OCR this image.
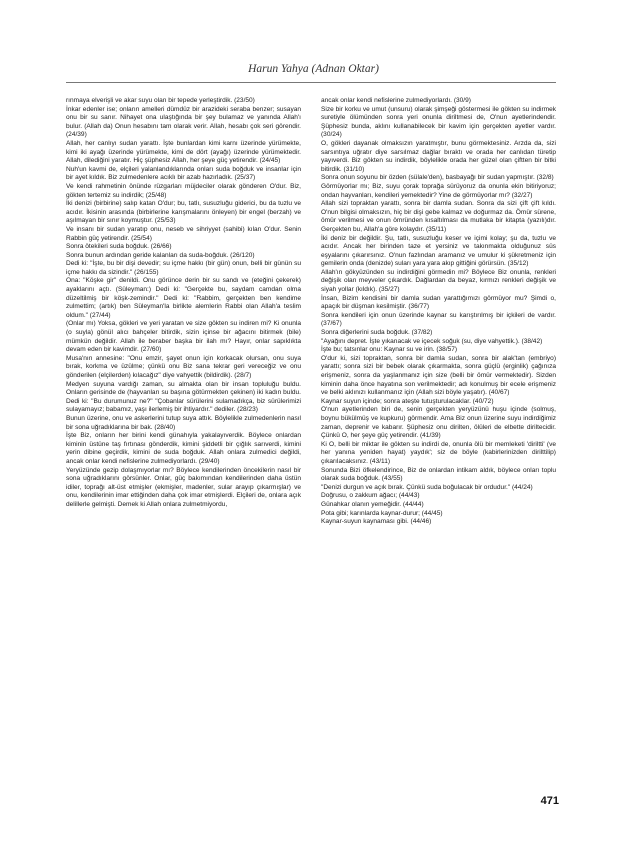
Harun Yahya (Adnan Oktar)

rınmaya elverişli ve akar suyu olan bir tepede yerleştirdik. (23/50)

İnkar edenler ise; onların amelleri dümdüz bir arazideki seraba benzer; susayan onu bir su sanır. Nihayet ona ulaştığında bir şey bulamaz ve yanında Allah'ı bulur. (Allah da) Onun hesabını tam olarak verir. Allah, hesabı çok seri görendir. (24/39)

Allah, her canlıyı sudan yarattı. İşte bunlardan kimi karnı üzerinde yürümekte, kimi iki ayağı üzerinde yürümekte, kimi de dört (ayağı) üzerinde yürümektedir. Allah, dilediğini yaratır. Hiç şüphesiz Allah, her şeye güç yetirendir. (24/45)

Nuh'un kavmi de, elçileri yalanlandıklarında onları suda boğduk ve insanlar için bir ayet kıldık. Biz zulmedenlere acıklı bir azab hazırladık. (25/37)

Ve kendi rahmetinin önünde rüzgarları müjdeciler olarak gönderen O'dur. Biz, gökten tertemiz su indirdik; (25/48)

İki denizi (birbirine) salıp katan O'dur; bu, tatlı, susuzluğu giderici, bu da tuzlu ve acıdır. İkisinin arasında (birbirlerine karışmalarını önleyen) bir engel (berzah) ve aşılmayan bir sınır koymuştur. (25/53)

Ve insanı bir sudan yaratıp onu, neseb ve sihriyyet (sahibi) kılan O'dur. Senin Rabbin güç yetirendir. (25/54)

Sonra ötekileri suda boğduk. (26/66)

Sonra bunun ardından geride kalanları da suda-boğduk. (26/120)

Dedi ki: "İşte, bu bir dişi devedir; su içme hakkı (bir gün) onun, belli bir günün su içme hakkı da sizindir." (26/155)

Ona: "Köşke gir" denildi. Onu görünce derin bir su sandı ve (eteğini çekerek) ayaklarını açtı. (Süleyman:) Dedi ki: "Gerçekte bu, saydam camdan olma düzeltilmiş bir köşk-zemindir." Dedi ki: "Rabbim, gerçekten ben kendime zulmettim; (artık) ben Süleyman'la birlikte alemlerin Rabbi olan Allah'a teslim oldum." (27/44)

(Onlar mı) Yoksa, gökleri ve yeri yaratan ve size gökten su indiren mi? Ki onunla (o suyla) gönül alıcı bahçeler bitirdik, sizin içinse bir ağacını bitirmek (bile) mümkün değildir. Allah ile beraber başka bir ilah mı? Hayır, onlar sapıklıkta devam eden bir kavimdir. (27/60)

Musa'nın annesine: "Onu emzir, şayet onun için korkacak olursan, onu suya bırak, korkma ve üzülme; çünkü onu Biz sana tekrar geri vereceğiz ve onu gönderilen (elçilerden) kılacağız" diye vahyettik (bildirdik). (28/7)

Medyen suyuna vardığı zaman, su almakta olan bir insan topluluğu buldu. Onların gerisinde de (hayvanları su başına götürmekten çekinen) iki kadın buldu. Dedi ki: "Bu durumunuz ne?" "Çobanlar sürülerini sulamadıkça, biz sürülerimizi sulayamayız; babamız, yaşı ilerlemiş bir ihtiyardır." dediler. (28/23)

Bunun üzerine, onu ve askerlerini tutup suya attık. Böylelikle zulmedenlerin nasıl bir sona uğradıklarına bir bak. (28/40)

İşte Biz, onların her birini kendi günahıyla yakalayıverdik. Böylece onlardan kiminin üstüne taş fırtınası gönderdik, kimini şiddetli bir çığlık sarıverdi, kimini yerin dibine geçirdik, kimini de suda boğduk. Allah onlara zulmedici değildi, ancak onlar kendi nefislerine zulmediyorlardı. (29/40)

Yeryüzünde gezip dolaşmıyorlar mı? Böylece kendilerinden öncekilerin nasıl bir sona uğradıklarını görsünler. Onlar, güç bakımından kendilerinden daha üstün idiler, toprağı alt-üst etmişler (ekmişler, madenler, sular arayıp çıkarmışlar) ve onu, kendilerinin imar ettiğinden daha çok imar etmişlerdi. Elçileri de, onlara açık delillerle gelmişti. Demek ki Allah onlara zulmetmiyordu,

ancak onlar kendi nefislerine zulmediyorlardı. (30/9)

Size bir korku ve umut (unsuru) olarak şimşeği göstermesi ile gökten su indirmek suretiyle ölümünden sonra yeri onunla diriltmesi de, O'nun ayetlerindendir. Şüphesiz bunda, aklını kullanabilecek bir kavim için gerçekten ayetler vardır. (30/24)

O, gökleri dayanak olmaksızın yaratmıştır, bunu görmektesiniz. Arzda da, sizi sarsıntıya uğratır diye sarsılmaz dağlar bıraktı ve orada her canlıdan türetip yayıverdi. Biz gökten su indirdik, böylelikle orada her güzel olan çiftten bir bitki bitirdik. (31/10)

Sonra onun soyunu bir özden (sülale'den), basbayağı bir sudan yapmıştır. (32/8)

Görmüyorlar mı; Biz, suyu çorak toprağa sürüyoruz da onunla ekin bitiriyoruz; ondan hayvanları, kendileri yemektedir? Yine de görmüyorlar mı? (32/27)

Allah sizi topraktan yarattı, sonra bir damla sudan. Sonra da sizi çift çift kıldı. O'nun bilgisi olmaksızın, hiç bir dişi gebe kalmaz ve doğurmaz da. Ömür sürene, ömür verilmesi ve onun ömründen kısaltılması da mutlaka bir kitapta (yazılı)dır. Gerçekten bu, Allah'a göre kolaydır. (35/11)

İki deniz bir değildir. Şu, tatlı, susuzluğu keser ve içimi kolay; şu da, tuzlu ve acıdır. Ancak her birinden taze et yersiniz ve takınmakta olduğunuz süs eşyalarını çıkarırsınız. O'nun fazlından aramanız ve umulur ki şükretmeniz için gemilerin onda (denizde) suları yara yara akıp gittiğini görürsün. (35/12)

Allah'ın gökyüzünden su indirdiğini görmedin mi? Böylece Biz onunla, renkleri değişik olan meyveler çıkardık. Dağlardan da beyaz, kırmızı renkleri değişik ve siyah yollar (kıldık). (35/27)

İnsan, Bizim kendisini bir damla sudan yarattığımızı görmüyor mu? Şimdi o, apaçık bir düşman kesilmiştir. (36/77)

Sonra kendileri için onun üzerinde kaynar su karıştırılmış bir içkileri de vardır. (37/67)

Sonra diğerlerini suda boğduk. (37/82)

"Ayağını depret. İşte yıkanacak ve içecek soğuk (su, diye vahyettik.). (38/42)

İşte bu; tatsınlar onu: Kaynar su ve irin. (38/57)

O'dur ki, sizi topraktan, sonra bir damla sudan, sonra bir alak'tan (embriyo) yarattı; sonra sizi bir bebek olarak çıkarmakta, sonra güçlü (erginlik) çağınıza erişmeniz, sonra da yaşlanmanız için size (belli bir ömür vermektedir). Sizden kiminin daha önce hayatına son verilmektedir; adı konulmuş bir ecele erişmeniz ve belki aklınızı kullanmanız için (Allah sizi böyle yaşatır). (40/67)

Kaynar suyun içinde; sonra ateşte tutuşturulacaklar. (40/72)

O'nun ayetlerinden biri de, senin gerçekten yeryüzünü huşu içinde (solmuş, boynu bükülmüş ve kupkuru) görmendir. Ama Biz onun üzerine suyu indirdiğimiz zaman, deprenir ve kabarır. Şüphesiz onu dirilten, ölüleri de elbette diriltecidir. Çünkü O, her şeye güç yetirendir. (41/39)

Ki O, belli bir miktar ile gökten su indirdi de, onunla ölü bir memleketi 'diriltti' (ve her yanına yeniden hayat) yaydık'; siz de böyle (kabirlerinizden dirilttilip) çıkarılacaksınız. (43/11)

Sonunda Bizi öfkelendirince, Biz de onlardan intikam aldık, böylece onları toplu olarak suda boğduk. (43/55)

"Denizi durgun ve açık bırak. Çünkü suda boğulacak bir ordudur." (44/24)

Doğrusu, o zakkum ağacı; (44/43)

Günahkar olanın yemeğidir. (44/44)

Pota gibi; karınlarda kaynar-durur; (44/45)

Kaynar-suyun kaynaması gibi. (44/46)

471
